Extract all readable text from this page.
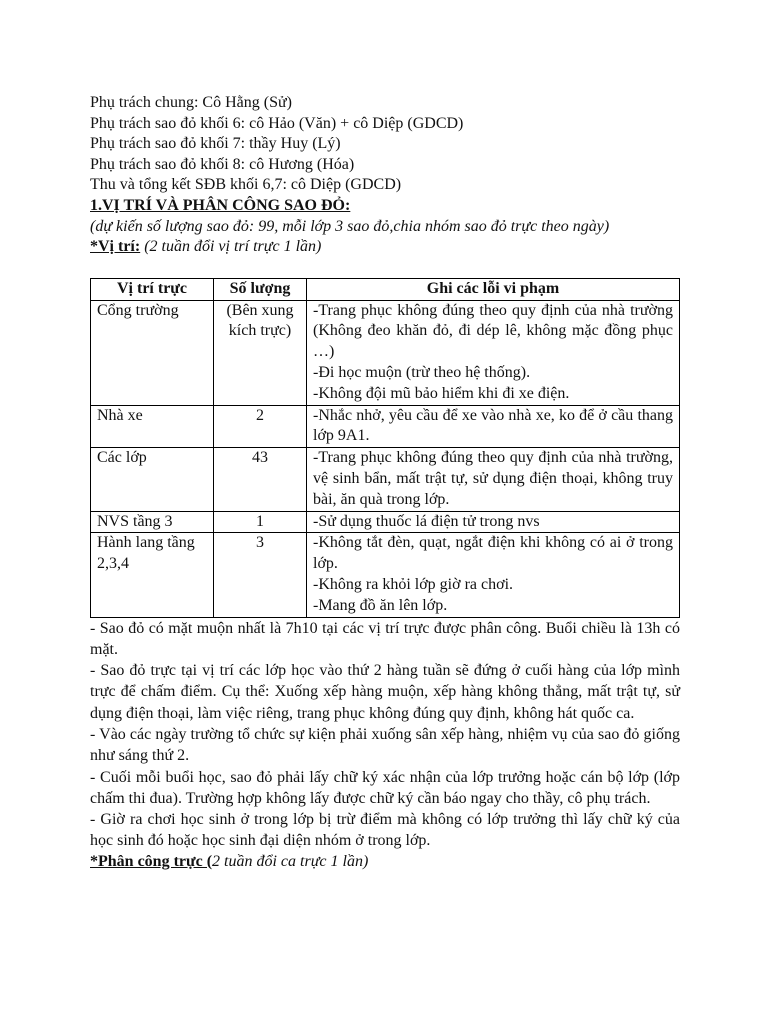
Phụ trách chung: Cô Hằng (Sử)
Phụ trách sao đỏ khối 6: cô Hảo (Văn) + cô Diệp (GDCD)
Phụ trách sao đỏ khối 7: thầy Huy (Lý)
Phụ trách sao đỏ khối 8: cô Hương (Hóa)
Thu và tổng kết SĐB khối 6,7: cô Diệp (GDCD)
1.VỊ TRÍ VÀ PHÂN CÔNG SAO ĐỎ:
(dự kiến số lượng sao đỏ: 99, mỗi lớp 3 sao đỏ,chia nhóm sao đỏ trực theo ngày)
*Vị trí: (2 tuần đổi vị trí trực 1 lần)
Vị trí trực	Số lượng	Ghi các lỗi vi phạm
Cổng trường	(Bên xung kích trực)	-Trang phục không đúng theo quy định của nhà trường (Không đeo khăn đỏ, đi dép lê, không mặc đồng phục …)
-Đi học muộn (trừ theo hệ thống).
-Không đội mũ bảo hiểm khi đi xe điện.

Nhà xe	2	-Nhắc nhở, yêu cầu để xe vào nhà xe, ko để ở cầu thang lớp 9A1.

Các lớp	43	-Trang phục không đúng theo quy định của nhà trường, vệ sinh bẩn, mất trật tự, sử dụng điện thoại, không truy bài, ăn quà trong lớp.

NVS tầng 3	1	-Sử dụng thuốc lá điện tử trong nvs

Hành lang tầng 2,3,4	3	-Không tắt đèn, quạt, ngắt điện khi không có ai ở trong lớp.
-Không ra khỏi lớp giờ ra chơi.
-Mang đồ ăn lên lớp.
- Sao đỏ có mặt muộn nhất là 7h10 tại các vị trí trực được phân công. Buổi chiều là 13h có mặt.
- Sao đỏ trực tại vị trí các lớp học vào thứ 2 hàng tuần sẽ đứng ở cuối hàng của lớp mình trực để chấm điểm. Cụ thể: Xuống xếp hàng muộn, xếp hàng không thẳng, mất trật tự, sử dụng điện thoại, làm việc riêng, trang phục không đúng quy định, không hát quốc ca.
- Vào các ngày trường tổ chức sự kiện phải xuống sân xếp hàng, nhiệm vụ của sao đỏ giống như sáng thứ 2.
- Cuối mỗi buổi học, sao đỏ phải lấy chữ ký xác nhận của lớp trưởng hoặc cán bộ lớp (lớp chấm thi đua). Trường hợp không lấy được chữ ký cần báo ngay cho thầy, cô phụ trách.
- Giờ ra chơi học sinh ở trong lớp bị trừ điểm mà không có lớp trưởng thì lấy chữ ký của học sinh đó hoặc học sinh đại diện nhóm ở trong lớp.
*Phân công trực (2 tuần đổi ca trực 1 lần)
